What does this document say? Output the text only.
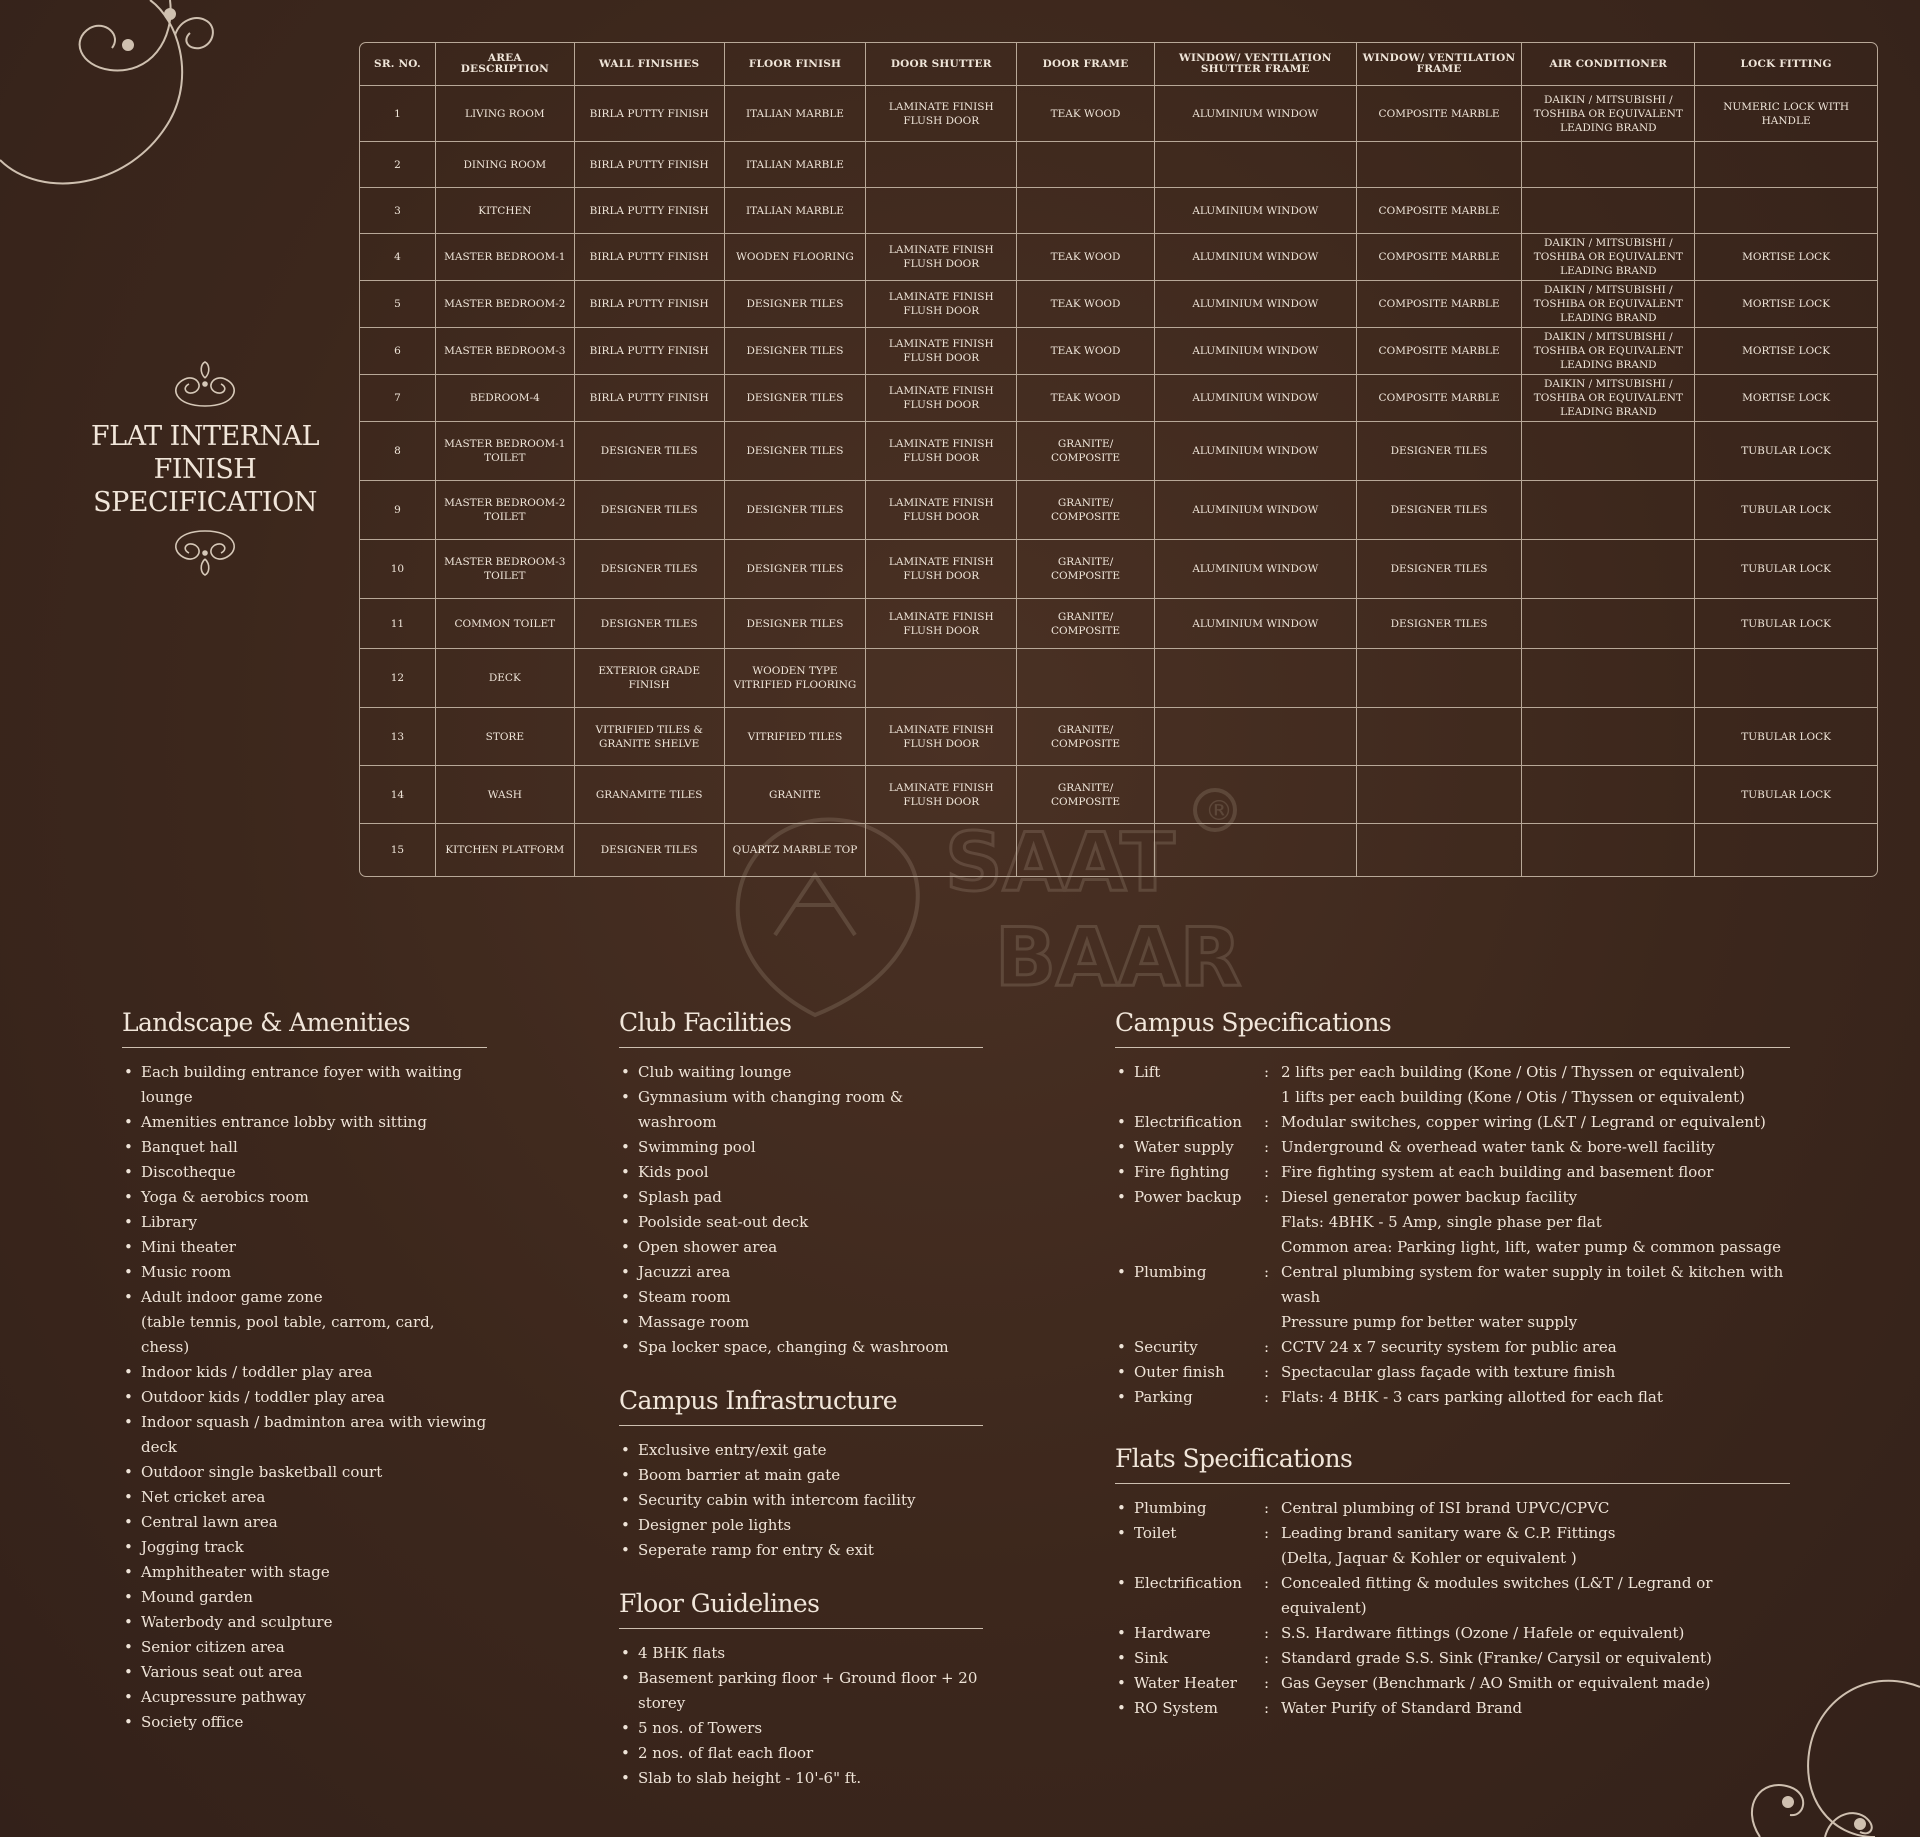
FLAT INTERNAL
FINISH SPECIFICATION
SAAT
BAAR
®
SR. NO.	AREA DESCRIPTION	WALL FINISHES	FLOOR FINISH	DOOR SHUTTER	DOOR FRAME	WINDOW/ VENTILATION SHUTTER FRAME	WINDOW/ VENTILATION FRAME	AIR CONDITIONER	LOCK FITTING
1	LIVING ROOM	BIRLA PUTTY FINISH	ITALIAN MARBLE	LAMINATE FINISH FLUSH DOOR	TEAK WOOD	ALUMINIUM WINDOW	COMPOSITE MARBLE	DAIKIN / MITSUBISHI / TOSHIBA OR EQUIVALENT LEADING BRAND	NUMERIC LOCK WITH HANDLE
2	DINING ROOM	BIRLA PUTTY FINISH	ITALIAN MARBLE						
3	KITCHEN	BIRLA PUTTY FINISH	ITALIAN MARBLE			ALUMINIUM WINDOW	COMPOSITE MARBLE		
4	MASTER BEDROOM-1	BIRLA PUTTY FINISH	WOODEN FLOORING	LAMINATE FINISH FLUSH DOOR	TEAK WOOD	ALUMINIUM WINDOW	COMPOSITE MARBLE	DAIKIN / MITSUBISHI / TOSHIBA OR EQUIVALENT LEADING BRAND	MORTISE LOCK
5	MASTER BEDROOM-2	BIRLA PUTTY FINISH	DESIGNER TILES	LAMINATE FINISH FLUSH DOOR	TEAK WOOD	ALUMINIUM WINDOW	COMPOSITE MARBLE	DAIKIN / MITSUBISHI / TOSHIBA OR EQUIVALENT LEADING BRAND	MORTISE LOCK
6	MASTER BEDROOM-3	BIRLA PUTTY FINISH	DESIGNER TILES	LAMINATE FINISH FLUSH DOOR	TEAK WOOD	ALUMINIUM WINDOW	COMPOSITE MARBLE	DAIKIN / MITSUBISHI / TOSHIBA OR EQUIVALENT LEADING BRAND	MORTISE LOCK
7	BEDROOM-4	BIRLA PUTTY FINISH	DESIGNER TILES	LAMINATE FINISH FLUSH DOOR	TEAK WOOD	ALUMINIUM WINDOW	COMPOSITE MARBLE	DAIKIN / MITSUBISHI / TOSHIBA OR EQUIVALENT LEADING BRAND	MORTISE LOCK
8	MASTER BEDROOM-1 TOILET	DESIGNER TILES	DESIGNER TILES	LAMINATE FINISH FLUSH DOOR	GRANITE/ COMPOSITE	ALUMINIUM WINDOW	DESIGNER TILES		TUBULAR LOCK
9	MASTER BEDROOM-2 TOILET	DESIGNER TILES	DESIGNER TILES	LAMINATE FINISH FLUSH DOOR	GRANITE/ COMPOSITE	ALUMINIUM WINDOW	DESIGNER TILES		TUBULAR LOCK
10	MASTER BEDROOM-3 TOILET	DESIGNER TILES	DESIGNER TILES	LAMINATE FINISH FLUSH DOOR	GRANITE/ COMPOSITE	ALUMINIUM WINDOW	DESIGNER TILES		TUBULAR LOCK
11	COMMON TOILET	DESIGNER TILES	DESIGNER TILES	LAMINATE FINISH FLUSH DOOR	GRANITE/ COMPOSITE	ALUMINIUM WINDOW	DESIGNER TILES		TUBULAR LOCK
12	DECK	EXTERIOR GRADE FINISH	WOODEN TYPE VITRIFIED FLOORING						
13	STORE	VITRIFIED TILES & GRANITE SHELVE	VITRIFIED TILES	LAMINATE FINISH FLUSH DOOR	GRANITE/ COMPOSITE				TUBULAR LOCK
14	WASH	GRANAMITE TILES	GRANITE	LAMINATE FINISH FLUSH DOOR	GRANITE/ COMPOSITE				TUBULAR LOCK
15	KITCHEN PLATFORM	DESIGNER TILES	QUARTZ MARBLE TOP						
Landscape & Amenities
• Each building entrance foyer with waiting lounge
• Amenities entrance lobby with sitting
• Banquet hall
• Discotheque
• Yoga & aerobics room
• Library
• Mini theater
• Music room
• Adult indoor game zone
(table tennis, pool table, carrom, card, chess)
• Indoor kids / toddler play area
• Outdoor kids / toddler play area
• Indoor squash / badminton area with viewing deck
• Outdoor single basketball court
• Net cricket area
• Central lawn area
• Jogging track
• Amphitheater with stage
• Mound garden
• Waterbody and sculpture
• Senior citizen area
• Various seat out area
• Acupressure pathway
• Society office
Club Facilities
• Club waiting lounge
• Gymnasium with changing room & washroom
• Swimming pool
• Kids pool
• Splash pad
• Poolside seat-out deck
• Open shower area
• Jacuzzi area
• Steam room
• Massage room
• Spa locker space, changing & washroom
Campus Infrastructure
• Exclusive entry/exit gate
• Boom barrier at main gate
• Security cabin with intercom facility
• Designer pole lights
• Seperate ramp for entry & exit
Floor Guidelines
• 4 BHK flats
• Basement parking floor + Ground floor + 20 storey
• 5 nos. of Towers
• 2 nos. of flat each floor
• Slab to slab height - 10'-6" ft.
Campus Specifications
• Lift	: 2 lifts per each building (Kone / Otis / Thyssen or equivalent)
1 lifts per each building (Kone / Otis / Thyssen or equivalent)
• Electrification	: Modular switches, copper wiring (L&T / Legrand or equivalent)
• Water supply	: Underground & overhead water tank & bore-well facility
• Fire fighting	: Fire fighting system at each building and basement floor
• Power backup	: Diesel generator power backup facility
Flats: 4BHK - 5 Amp, single phase per flat
Common area: Parking light, lift, water pump & common passage
• Plumbing	: Central plumbing system for water supply in toilet & kitchen with wash
Pressure pump for better water supply
• Security	: CCTV 24 x 7 security system for public area
• Outer finish	: Spectacular glass façade with texture finish
• Parking	: Flats: 4 BHK - 3 cars parking allotted for each flat
Flats Specifications
• Plumbing	: Central plumbing of ISI brand UPVC/CPVC
• Toilet	: Leading brand sanitary ware & C.P. Fittings
(Delta, Jaquar & Kohler or equivalent )
• Electrification	: Concealed fitting & modules switches (L&T / Legrand or equivalent)
• Hardware	: S.S. Hardware fittings (Ozone / Hafele or equivalent)
• Sink	: Standard grade S.S. Sink (Franke/ Carysil or equivalent)
• Water Heater	: Gas Geyser (Benchmark / AO Smith or equivalent made)
• RO System	: Water Purify of Standard Brand
